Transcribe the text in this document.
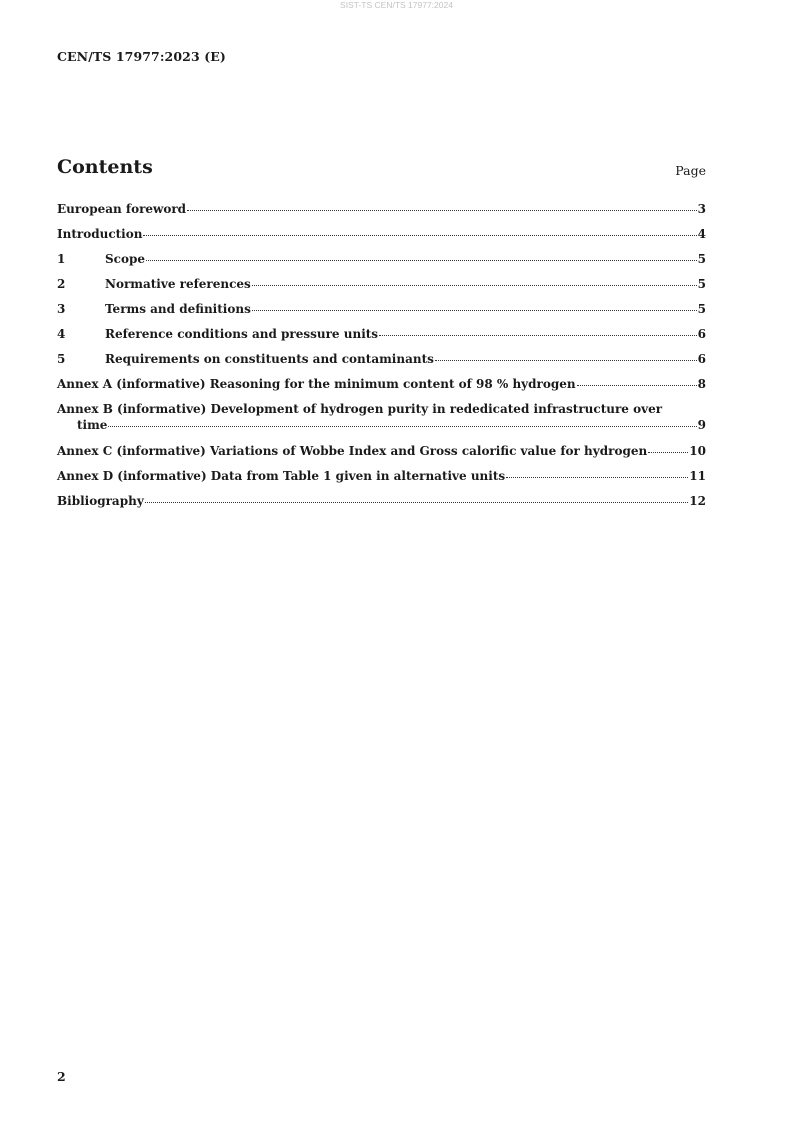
SIST-TS CEN/TS 17977:2024
CEN/TS 17977:2023 (E)
Contents	Page
European foreword	3
Introduction	4
1	Scope	5
2	Normative references	5
3	Terms and definitions	5
4	Reference conditions and pressure units	6
5	Requirements on constituents and contaminants	6
Annex A (informative) Reasoning for the minimum content of 98 % hydrogen	8
Annex B (informative) Development of hydrogen purity in rededicated infrastructure over
time	9
Annex C (informative) Variations of Wobbe Index and Gross calorific value for hydrogen	10
Annex D (informative) Data from Table 1 given in alternative units	11
Bibliography	12
2
